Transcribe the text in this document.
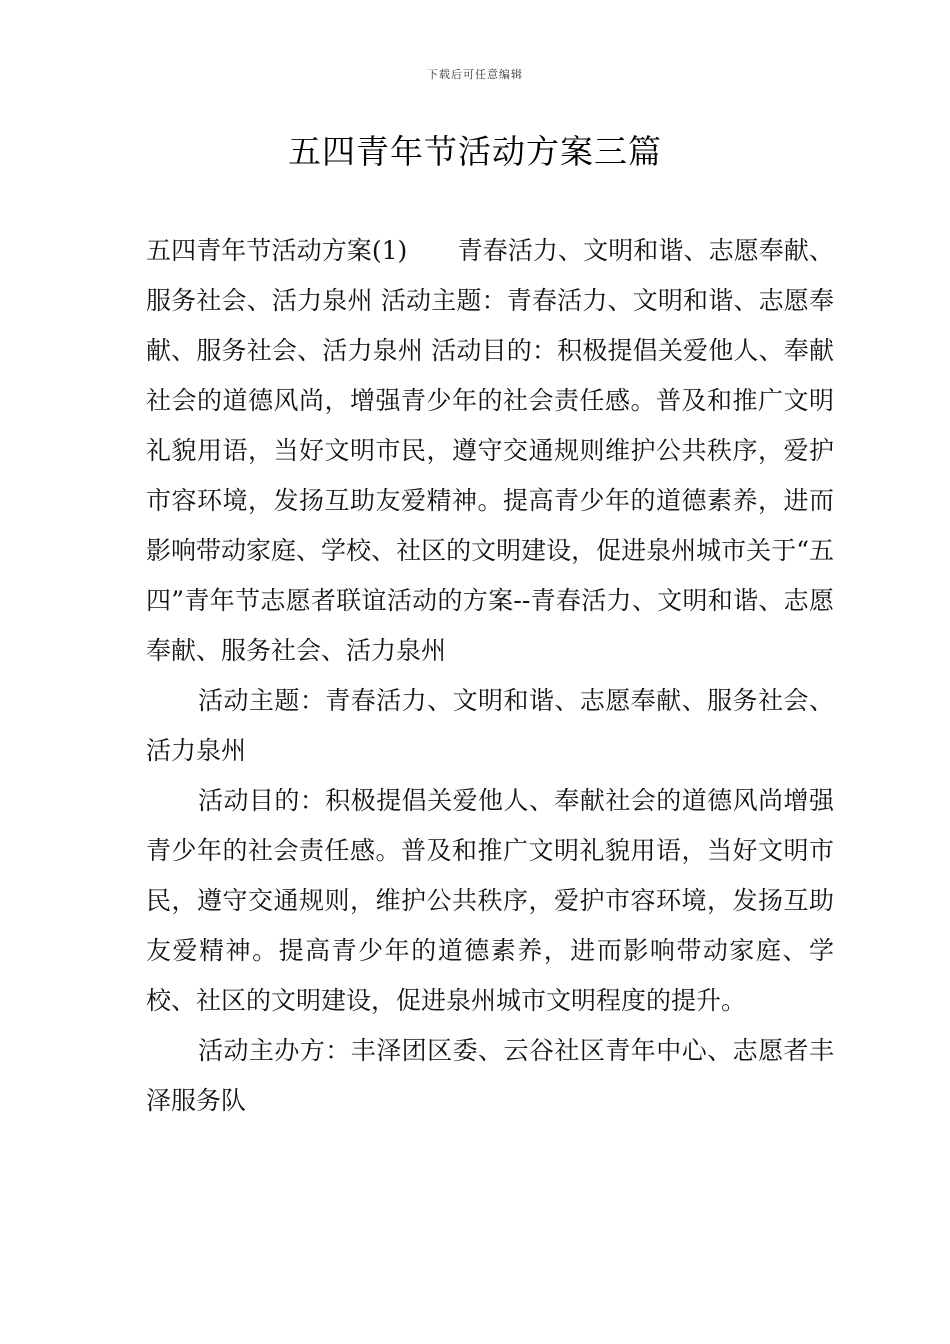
下载后可任意编辑
五四青年节活动方案三篇

五四青年节活动方案(1)　　青春活力、文明和谐、志愿奉献、服务社会、活力泉州 活动主题：青春活力、文明和谐、志愿奉献、服务社会、活力泉州 活动目的：积极提倡关爱他人、奉献社会的道德风尚，增强青少年的社会责任感。普及和推广文明礼貌用语，当好文明市民，遵守交通规则维护公共秩序，爱护市容环境，发扬互助友爱精神。提高青少年的道德素养，进而影响带动家庭、学校、社区的文明建设，促进泉州城市关于“五四”青年节志愿者联谊活动的方案--青春活力、文明和谐、志愿奉献、服务社会、活力泉州

活动主题：青春活力、文明和谐、志愿奉献、服务社会、活力泉州

活动目的：积极提倡关爱他人、奉献社会的道德风尚增强青少年的社会责任感。普及和推广文明礼貌用语，当好文明市民，遵守交通规则，维护公共秩序，爱护市容环境，发扬互助友爱精神。提高青少年的道德素养，进而影响带动家庭、学校、社区的文明建设，促进泉州城市文明程度的提升。

活动主办方：丰泽团区委、云谷社区青年中心、志愿者丰泽服务队
